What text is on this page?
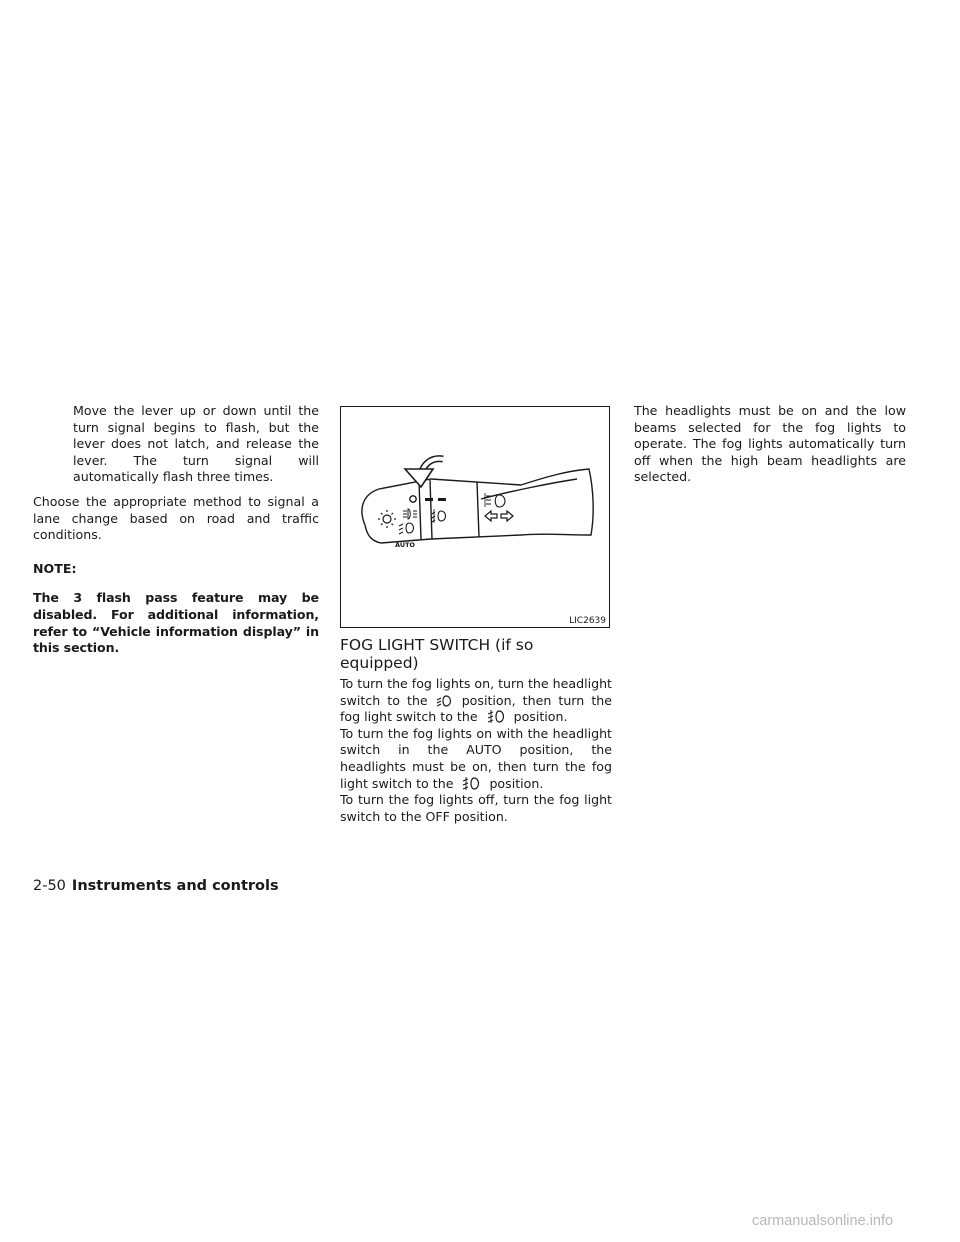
Move the lever up or down until the turn signal begins to flash, but the lever does not latch, and release the lever. The turn signal will automatically flash three times.

Choose the appropriate method to signal a lane change based on road and traffic conditions.

NOTE:

The 3 flash pass feature may be disabled. For additional information, refer to “Vehicle information display” in this section.

AUTO
LIC2639
FOG LIGHT SWITCH (if so equipped)

To turn the fog lights on, turn the headlight switch to the	position, then turn the fog light switch to the	position.

To turn the fog lights on with the headlight switch in the AUTO position, the headlights must be on, then turn the fog light switch to the	position.

To turn the fog lights off, turn the fog light switch to the OFF position.

The headlights must be on and the low beams selected for the fog lights to operate. The fog lights automatically turn off when the high beam headlights are selected.

2-50 Instruments and controls
carmanualsonline.info
